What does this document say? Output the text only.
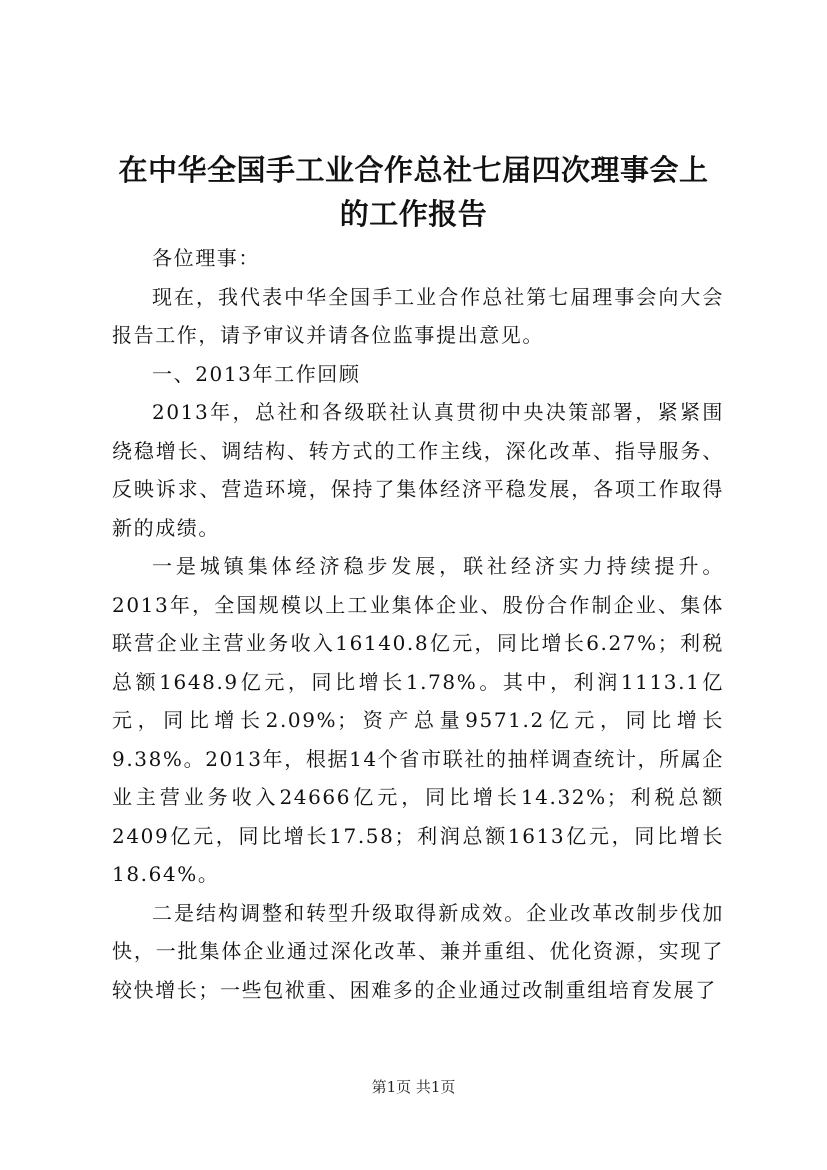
在中华全国手工业合作总社七届四次理事会上
的工作报告

各位理事：

现在，我代表中华全国手工业合作总社第七届理事会向大会报告工作，请予审议并请各位监事提出意见。

一、2013年工作回顾

2013年，总社和各级联社认真贯彻中央决策部署，紧紧围绕稳增长、调结构、转方式的工作主线，深化改革、指导服务、反映诉求、营造环境，保持了集体经济平稳发展，各项工作取得新的成绩。

一是城镇集体经济稳步发展，联社经济实力持续提升。2013年，全国规模以上工业集体企业、股份合作制企业、集体联营企业主营业务收入16140.8亿元，同比增长6.27%；利税总额1648.9亿元，同比增长1.78%。其中，利润1113.1亿元，同比增长2.09%；资产总量9571.2亿元，同比增长9.38%。2013年，根据14个省市联社的抽样调查统计，所属企业主营业务收入24666亿元，同比增长14.32%；利税总额2409亿元，同比增长17.58；利润总额1613亿元，同比增长18.64%。

二是结构调整和转型升级取得新成效。企业改革改制步伐加快，一批集体企业通过深化改革、兼并重组、优化资源，实现了较快增长；一些包袱重、困难多的企业通过改制重组培育发展了

第1页 共1页
